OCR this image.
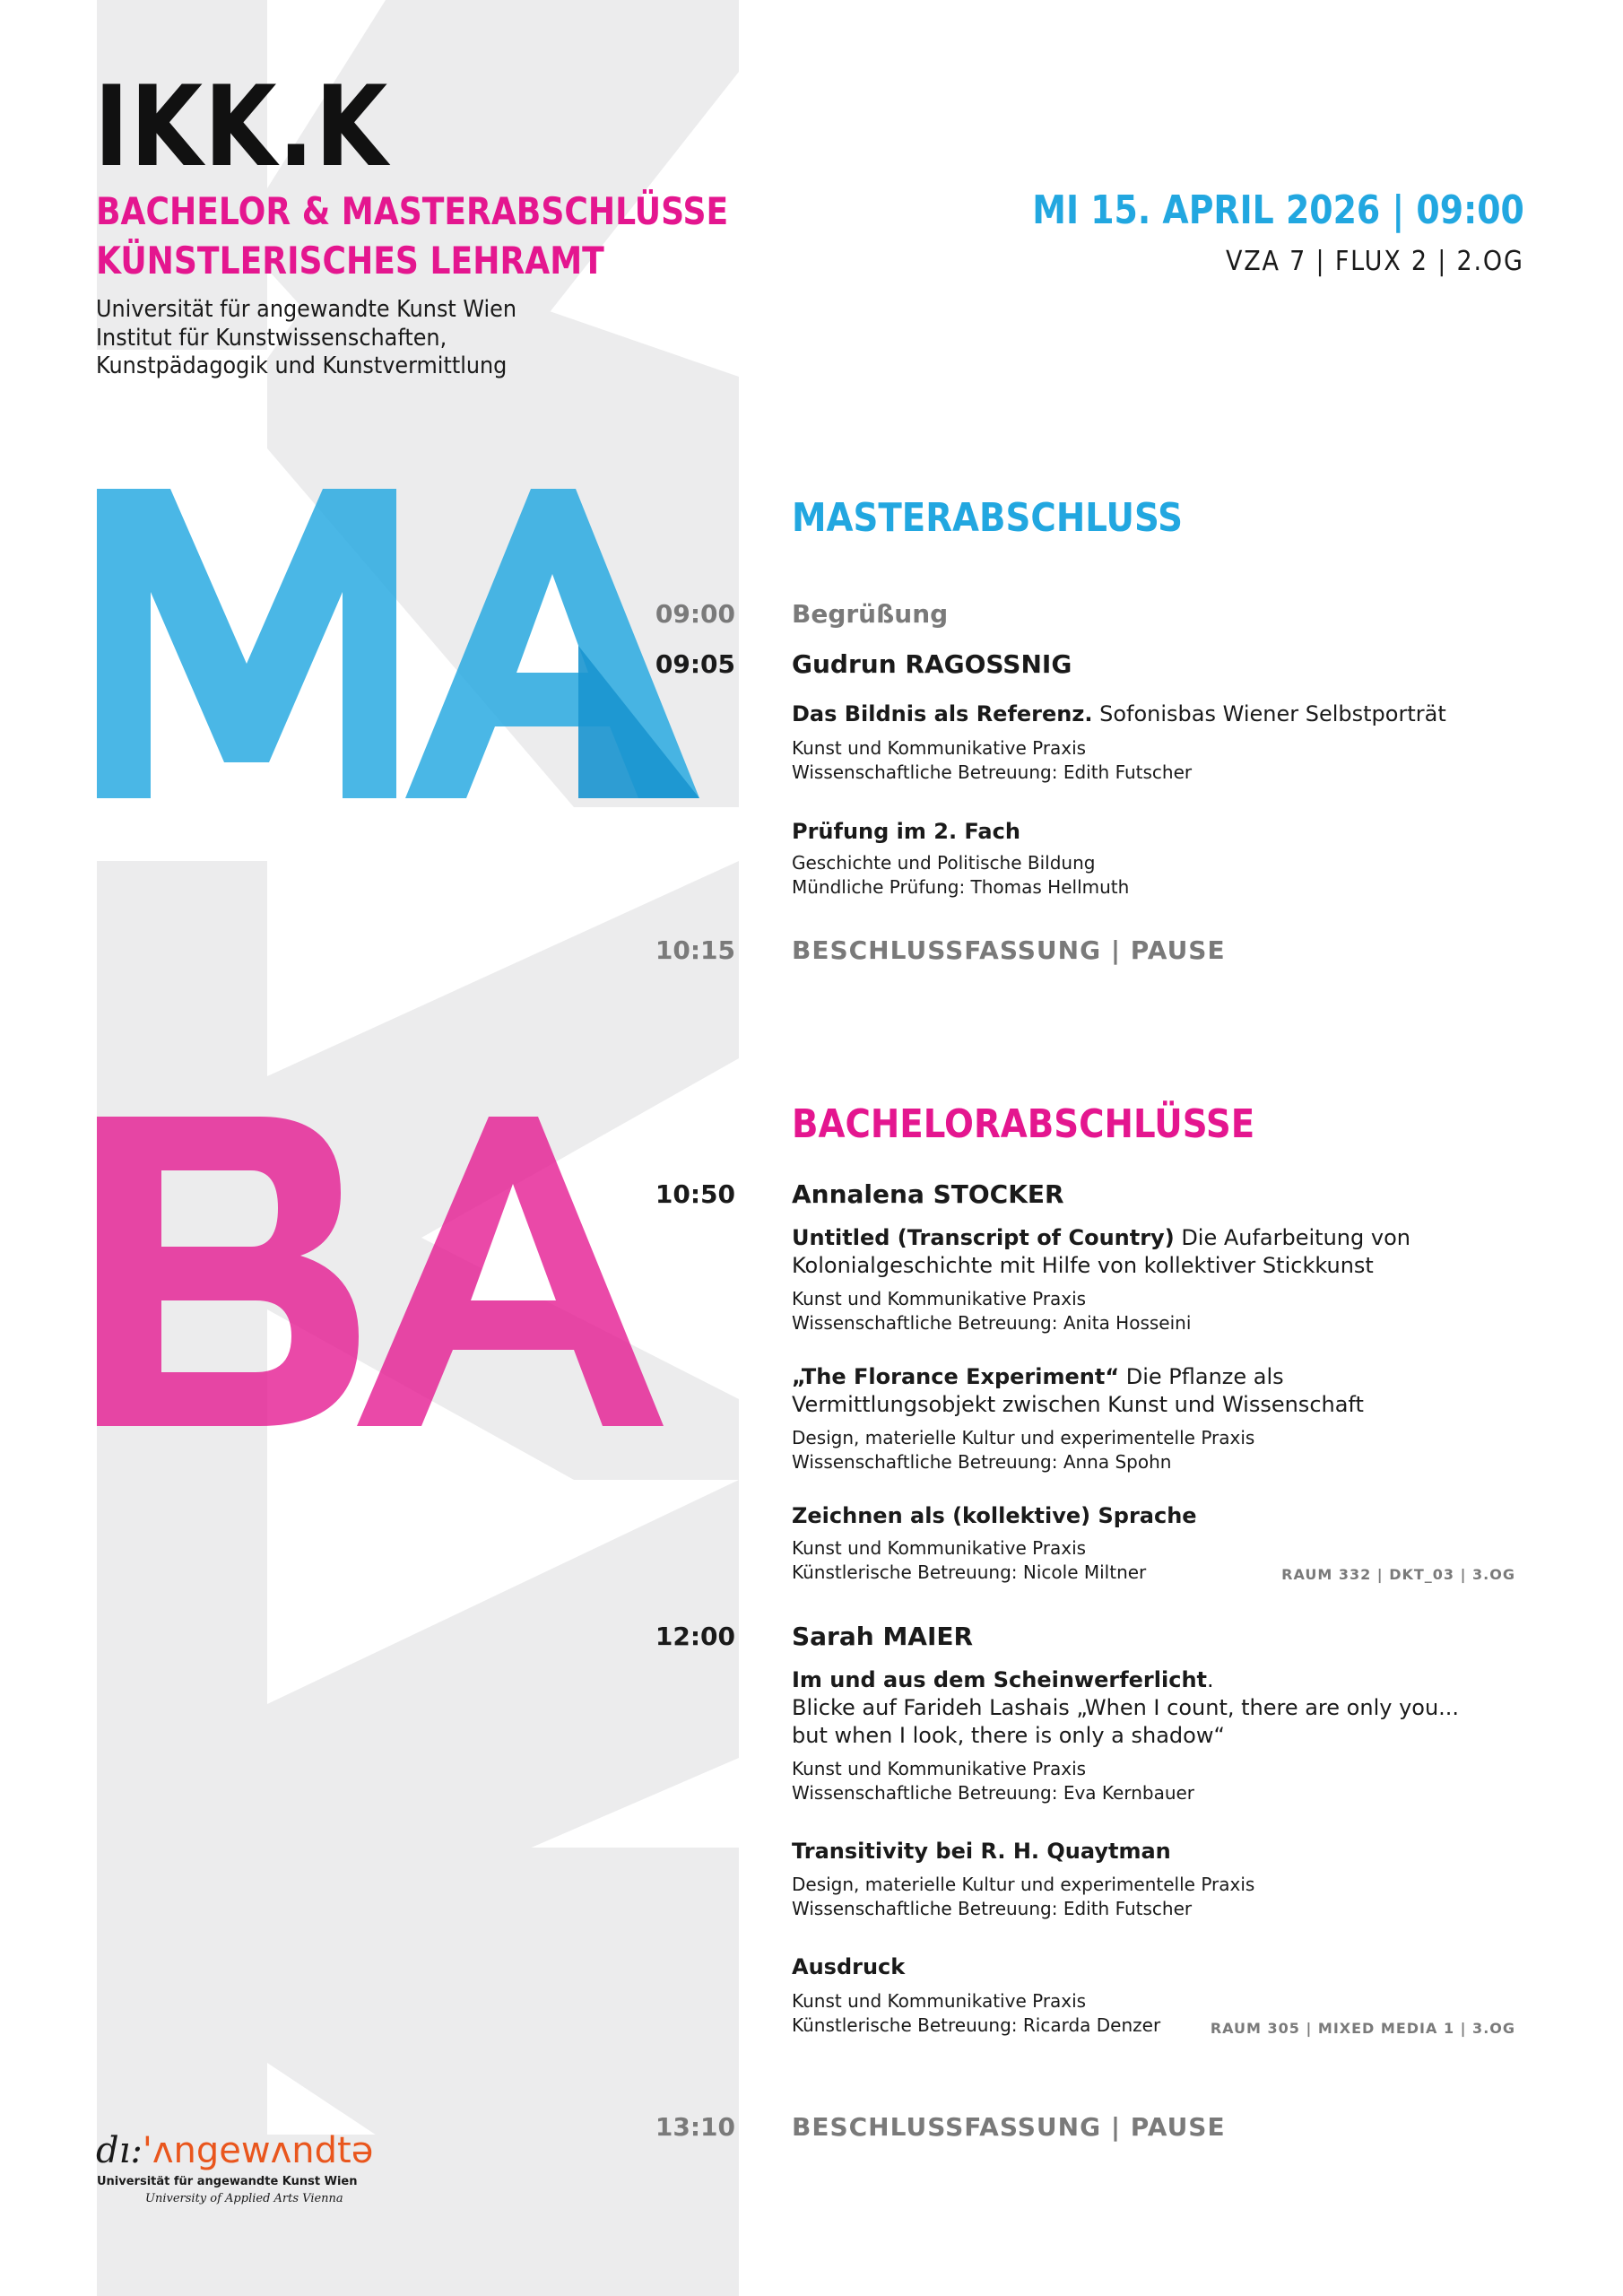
IKK.K
BACHELOR & MASTERABSCHLÜSSE
KÜNSTLERISCHES LEHRAMT
Universität für angewandte Kunst Wien
Institut für Kunstwissenschaften,
Kunstpädagogik und Kunstvermittlung
MI 15. APRIL 2026 | 09:00
VZA 7 | FLUX 2 | 2.OG
MASTERABSCHLUSS
09:00 Begrüßung
09:05 Gudrun RAGOSSNIG
Das Bildnis als Referenz. Sofonisbas Wiener Selbstporträt
Kunst und Kommunikative Praxis
Wissenschaftliche Betreuung: Edith Futscher
Prüfung im 2. Fach
Geschichte und Politische Bildung
Mündliche Prüfung: Thomas Hellmuth
10:15 BESCHLUSSFASSUNG | PAUSE
BACHELORABSCHLÜSSE
10:50 Annalena STOCKER
Untitled (Transcript of Country) Die Aufarbeitung von
Kolonialgeschichte mit Hilfe von kollektiver Stickkunst
Kunst und Kommunikative Praxis
Wissenschaftliche Betreuung: Anita Hosseini
„The Florance Experiment“ Die Pflanze als
Vermittlungsobjekt zwischen Kunst und Wissenschaft
Design, materielle Kultur und experimentelle Praxis
Wissenschaftliche Betreuung: Anna Spohn
Zeichnen als (kollektive) Sprache
Kunst und Kommunikative Praxis
Künstlerische Betreuung: Nicole Miltner	RAUM 332 | DKT_03 | 3.OG
12:00 Sarah MAIER
Im und aus dem Scheinwerferlicht.
Blicke auf Farideh Lashais „When I count, there are only you...
but when I look, there is only a shadow“
Kunst und Kommunikative Praxis
Wissenschaftliche Betreuung: Eva Kernbauer
Transitivity bei R. H. Quaytman
Design, materielle Kultur und experimentelle Praxis
Wissenschaftliche Betreuung: Edith Futscher
Ausdruck
Kunst und Kommunikative Praxis
Künstlerische Betreuung: Ricarda Denzer	RAUM 305 | MIXED MEDIA 1 | 3.OG
13:10 BESCHLUSSFASSUNG | PAUSE
dı:'ʌngewʌndtə
Universität für angewandte Kunst Wien
University of Applied Arts Vienna
